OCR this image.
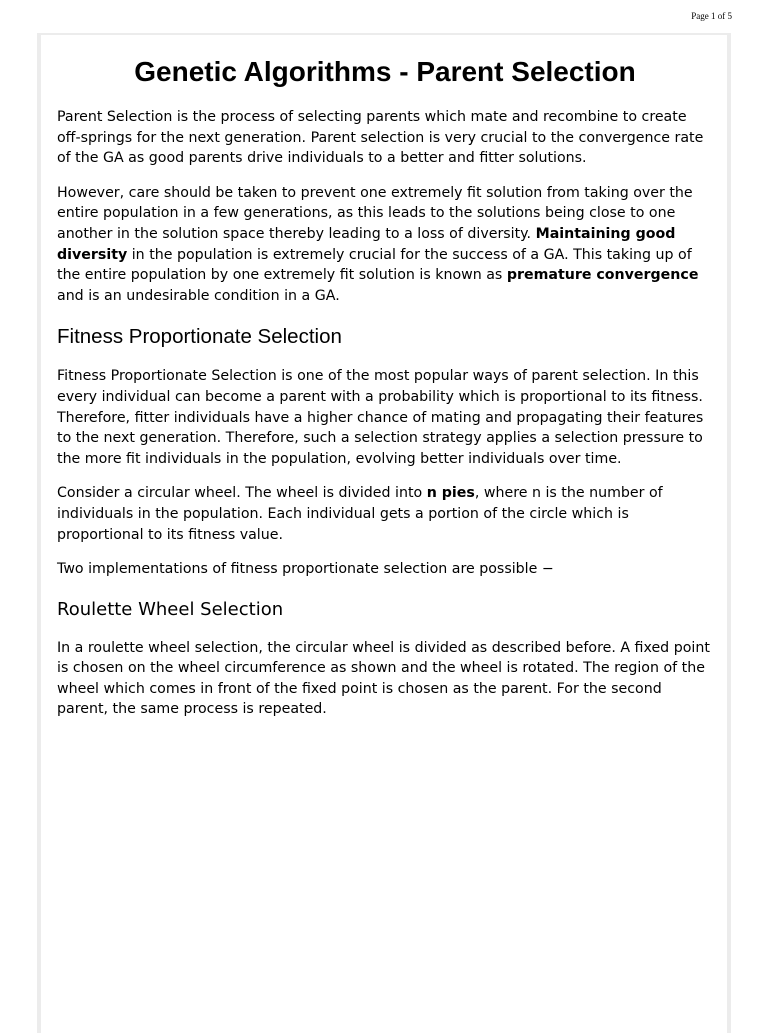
Page 1 of 5
Genetic Algorithms - Parent Selection

Parent Selection is the process of selecting parents which mate and recombine to create off-springs for the next generation. Parent selection is very crucial to the convergence rate of the GA as good parents drive individuals to a better and fitter solutions.

However, care should be taken to prevent one extremely fit solution from taking over the entire population in a few generations, as this leads to the solutions being close to one another in the solution space thereby leading to a loss of diversity. Maintaining good diversity in the population is extremely crucial for the success of a GA. This taking up of the entire population by one extremely fit solution is known as premature convergence and is an undesirable condition in a GA.

Fitness Proportionate Selection

Fitness Proportionate Selection is one of the most popular ways of parent selection. In this every individual can become a parent with a probability which is proportional to its fitness. Therefore, fitter individuals have a higher chance of mating and propagating their features to the next generation. Therefore, such a selection strategy applies a selection pressure to the more fit individuals in the population, evolving better individuals over time.

Consider a circular wheel. The wheel is divided into n pies, where n is the number of individuals in the population. Each individual gets a portion of the circle which is proportional to its fitness value.

Two implementations of fitness proportionate selection are possible −

Roulette Wheel Selection

In a roulette wheel selection, the circular wheel is divided as described before. A fixed point is chosen on the wheel circumference as shown and the wheel is rotated. The region of the wheel which comes in front of the fixed point is chosen as the parent. For the second parent, the same process is repeated.
